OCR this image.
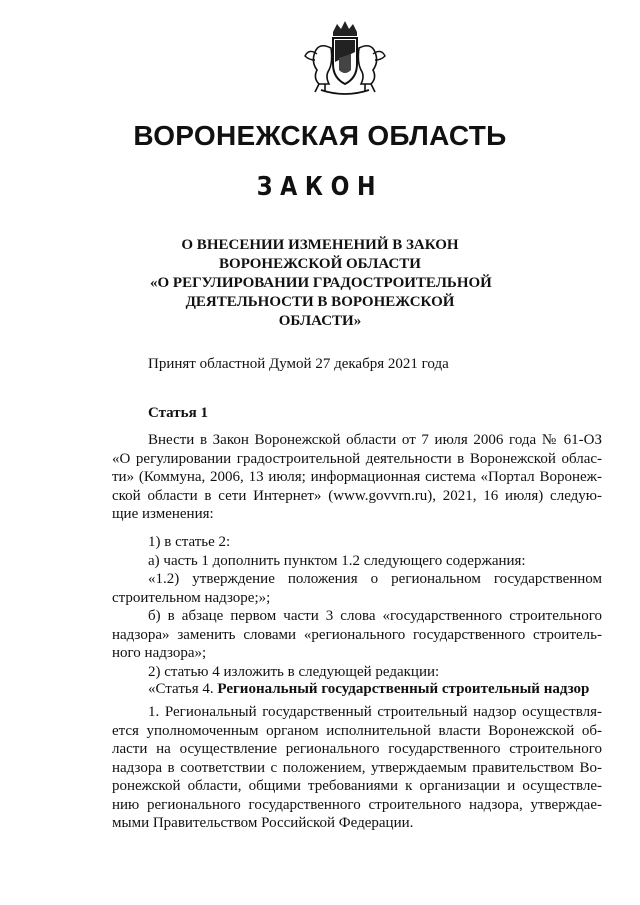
ВОРОНЕЖСКАЯ ОБЛАСТЬ
ЗАКОН
О ВНЕСЕНИИ ИЗМЕНЕНИЙ В ЗАКОН
ВОРОНЕЖСКОЙ ОБЛАСТИ
«О РЕГУЛИРОВАНИИ ГРАДОСТРОИТЕЛЬНОЙ
ДЕЯТЕЛЬНОСТИ В ВОРОНЕЖСКОЙ
ОБЛАСТИ»
Принят областной Думой 27 декабря 2021 года
Статья 1
Внести в Закон Воронежской области от 7 июля 2006 года № 61-ОЗ
«О регулировании градостроительной деятельности в Воронежской облас-
ти» (Коммуна, 2006, 13 июля; информационная система «Портал Воронеж-
ской области в сети Интернет» (www.govvrn.ru), 2021, 16 июля) следую-
щие изменения:
1) в статье 2:
а) часть 1 дополнить пунктом 1.2 следующего содержания:
«1.2) утверждение положения о региональном государственном
строительном надзоре;»;
б) в абзаце первом части 3 слова «государственного строительного
надзора» заменить словами «регионального государственного строитель-
ного надзора»;
2) статью 4 изложить в следующей редакции:
«Статья 4. Региональный государственный строительный надзор
1. Региональный государственный строительный надзор осуществля-
ется уполномоченным органом исполнительной власти Воронежской об-
ласти на осуществление регионального государственного строительного
надзора в соответствии с положением, утверждаемым правительством Во-
ронежской области, общими требованиями к организации и осуществле-
нию регионального государственного строительного надзора, утверждае-
мыми Правительством Российской Федерации.
